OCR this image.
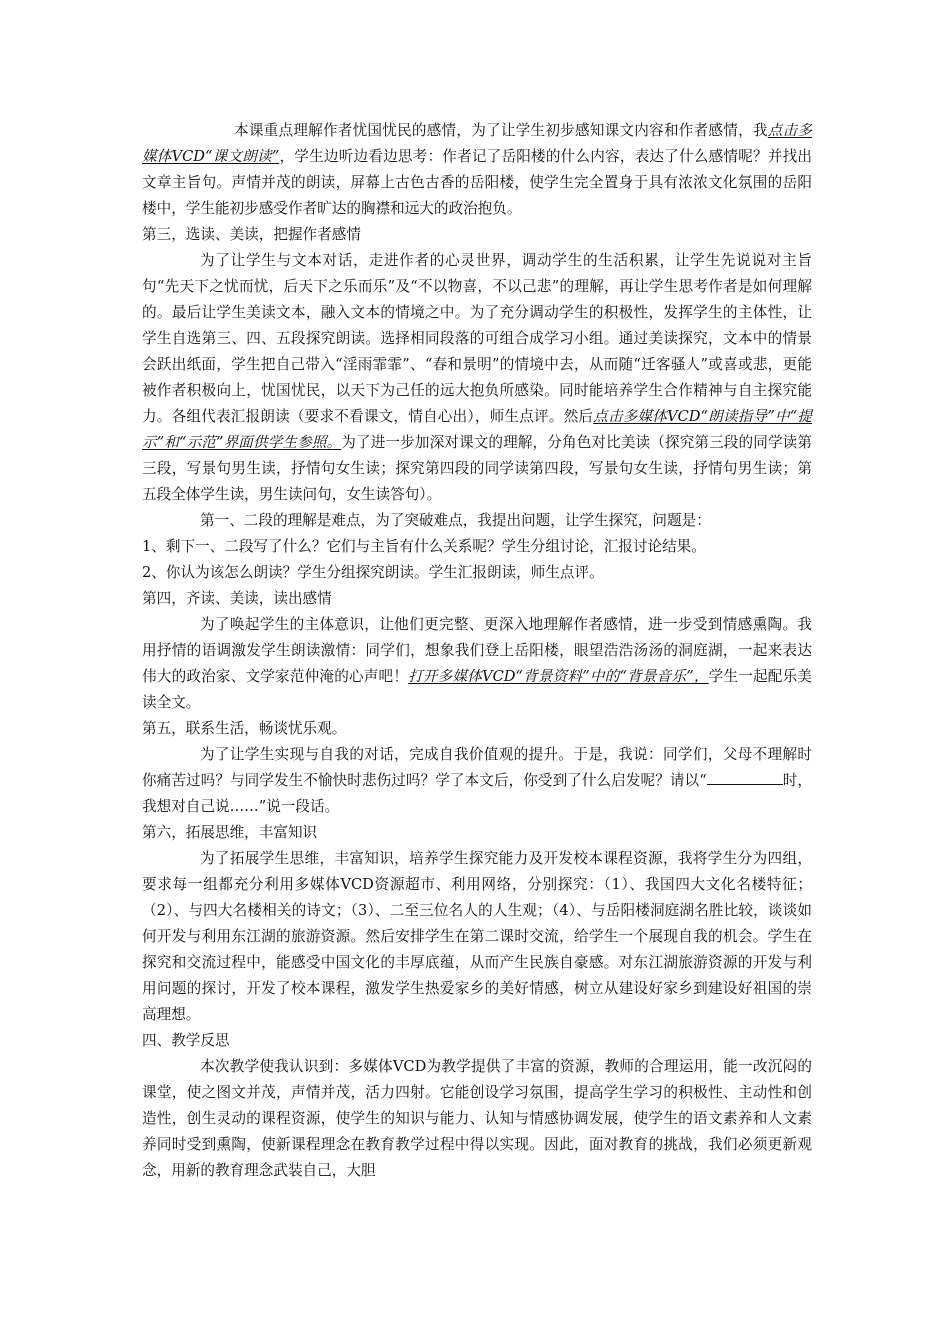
本课重点理解作者忧国忧民的感情，为了让学生初步感知课文内容和作者感情，我点击多媒体VCD“课文朗读”，学生边听边看边思考：作者记了岳阳楼的什么内容，表达了什么感情呢？并找出文章主旨句。声情并茂的朗读，屏幕上古色古香的岳阳楼，使学生完全置身于具有浓浓文化氛围的岳阳楼中，学生能初步感受作者旷达的胸襟和远大的政治抱负。

第三，选读、美读，把握作者感情

为了让学生与文本对话，走进作者的心灵世界，调动学生的生活积累，让学生先说说对主旨句“先天下之忧而忧，后天下之乐而乐”及“不以物喜，不以己悲”的理解，再让学生思考作者是如何理解的。最后让学生美读文本，融入文本的情境之中。为了充分调动学生的积极性，发挥学生的主体性，让学生自选第三、四、五段探究朗读。选择相同段落的可组合成学习小组。通过美读探究，文本中的情景会跃出纸面，学生把自己带入“淫雨霏霏”、“春和景明”的情境中去，从而随“迁客骚人”或喜或悲，更能被作者积极向上，忧国忧民，以天下为己任的远大抱负所感染。同时能培养学生合作精神与自主探究能力。各组代表汇报朗读（要求不看课文，情自心出），师生点评。然后点击多媒体VCD“朗读指导”中“提示”和“示范”界面供学生参照。为了进一步加深对课文的理解，分角色对比美读（探究第三段的同学读第三段，写景句男生读，抒情句女生读；探究第四段的同学读第四段，写景句女生读，抒情句男生读；第五段全体学生读，男生读问句，女生读答句）。

第一、二段的理解是难点，为了突破难点，我提出问题，让学生探究，问题是：

1、剩下一、二段写了什么？它们与主旨有什么关系呢？学生分组讨论，汇报讨论结果。

2、你认为该怎么朗读？学生分组探究朗读。学生汇报朗读，师生点评。

第四，齐读、美读，读出感情

为了唤起学生的主体意识，让他们更完整、更深入地理解作者感情，进一步受到情感熏陶。我用抒情的语调激发学生朗读激情：同学们，想象我们登上岳阳楼，眼望浩浩汤汤的洞庭湖，一起来表达伟大的政治家、文学家范仲淹的心声吧！打开多媒体VCD“背景资料”中的“背景音乐”，学生一起配乐美读全文。

第五，联系生活，畅谈忧乐观。

为了让学生实现与自我的对话，完成自我价值观的提升。于是，我说：同学们，父母不理解时你痛苦过吗？与同学发生不愉快时悲伤过吗？学了本文后，你受到了什么启发呢？请以“	时，我想对自己说……”说一段话。

第六，拓展思维，丰富知识

为了拓展学生思维，丰富知识，培养学生探究能力及开发校本课程资源，我将学生分为四组，要求每一组都充分利用多媒体VCD资源超市、利用网络，分别探究：（1）、我国四大文化名楼特征；（2）、与四大名楼相关的诗文；（3）、二至三位名人的人生观；（4）、与岳阳楼洞庭湖名胜比较，谈谈如何开发与利用东江湖的旅游资源。然后安排学生在第二课时交流，给学生一个展现自我的机会。学生在探究和交流过程中，能感受中国文化的丰厚底蕴，从而产生民族自豪感。对东江湖旅游资源的开发与利用问题的探讨，开发了校本课程，激发学生热爱家乡的美好情感，树立从建设好家乡到建设好祖国的崇高理想。

四、教学反思

本次教学使我认识到：多媒体VCD为教学提供了丰富的资源，教师的合理运用，能一改沉闷的课堂，使之图文并茂，声情并茂，活力四射。它能创设学习氛围，提高学生学习的积极性、主动性和创造性，创生灵动的课程资源，使学生的知识与能力、认知与情感协调发展，使学生的语文素养和人文素养同时受到熏陶，使新课程理念在教育教学过程中得以实现。因此，面对教育的挑战，我们必须更新观念，用新的教育理念武装自己，大胆
